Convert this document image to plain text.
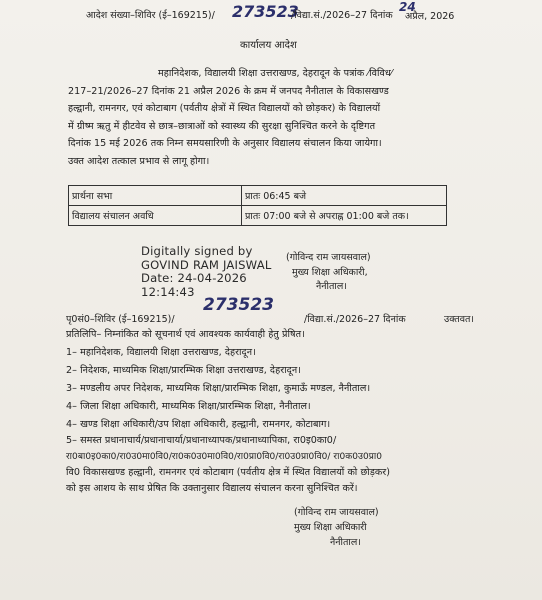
आदेश संख्या–शिविर (ई–169215)/ 273523
/विद्या.सं./2026–27 दिनांक
24
अप्रैल, 2026
कार्यालय आदेश
महानिदेशक, विद्यालयी शिक्षा उत्तराखण्ड, देहरादून के पत्रांक ⁄विविध⁄
217–21/2026–27 दिनांक 21 अप्रैल 2026 के क्रम में जनपद नैनीताल के विकासखण्ड
हल्द्वानी, रामनगर, एवं कोटाबाग (पर्वतीय क्षेत्रों में स्थित विद्यालयों को छोड़कर) के विद्यालयों
में ग्रीष्म ऋतु में हीटवेव से छात्र–छात्राओं को स्वास्थ्य की सुरक्षा सुनिश्चित करने के दृष्टिगत
दिनांक 15 मई 2026 तक निम्न समयसारिणी के अनुसार विद्यालय संचालन किया जायेगा।
उक्त आदेश तत्काल प्रभाव से लागू होगा।
प्रार्थना सभा	प्रातः 06:45 बजे
विद्यालय संचालन अवधि	प्रातः 07:00 बजे से अपराह्न 01:00 बजे तक।
Digitally signed by
GOVIND RAM JAISWAL
Date: 24-04-2026
12:14:43
(गोविन्द राम जायसवाल)
मुख्य शिक्षा अधिकारी,
नैनीताल।
पृ0सं0–शिविर (ई–169215)/
273523
/विद्या.सं./2026–27 दिनांक	उक्तवत।
प्रतिलिपि– निम्नांकित को सूचनार्थ एवं आवश्यक कार्यवाही हेतु प्रेषित।
1– महानिदेशक, विद्यालयी शिक्षा उत्तराखण्ड, देहरादून।
2– निदेशक, माध्यमिक शिक्षा/प्रारम्भिक शिक्षा उत्तराखण्ड, देहरादून।
3– मण्डलीय अपर निदेशक, माध्यमिक शिक्षा/प्रारम्भिक शिक्षा, कुमाऊँ मण्डल, नैनीताल।
4– जिला शिक्षा अधिकारी, माध्यमिक शिक्षा/प्रारम्भिक शिक्षा, नैनीताल।
4– खण्ड शिक्षा अधिकारी/उप शिक्षा अधिकारी, हल्द्वानी, रामनगर, कोटाबाग।
5– समस्त प्रधानाचार्य/प्रधानाचार्या/प्रधानाध्यापक/प्रधानाध्यापिका, रा0इ0का0/
रा0बा0इ0का0/रा0उ0मा0वि0/रा0क0उ0मा0वि0/रा0प्रा0वि0/रा0उ0प्रा0वि0/ रा0क0उ0प्रा0
वि0 विकासखण्ड हल्द्वानी, रामनगर एवं कोटाबाग (पर्वतीय क्षेत्र में स्थित विद्यालयों को छोड़कर)
को इस आशय के साथ प्रेषित कि उक्तानुसार विद्यालय संचालन करना सुनिश्चित करें।
(गोविन्द राम जायसवाल)
मुख्य शिक्षा अधिकारी
नैनीताल।
